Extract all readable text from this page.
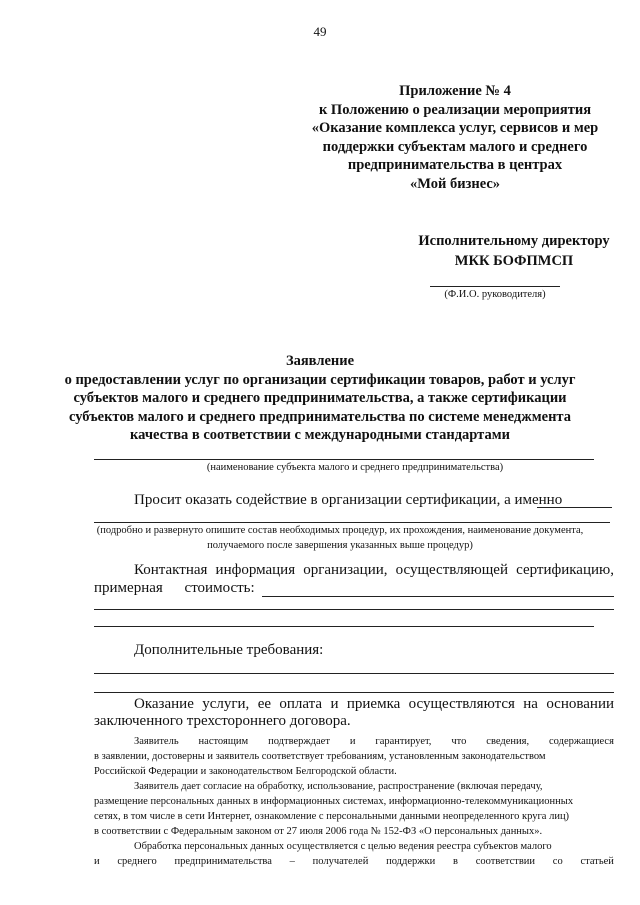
49
Приложение № 4
к Положению о реализации мероприятия
«Оказание комплекса услуг, сервисов и мер
поддержки субъектам малого и среднего
предпринимательства в центрах
«Мой бизнес»
Исполнительному директору
МКК БОФПМСП
(Ф.И.О. руководителя)
Заявление
о предоставлении услуг по организации сертификации товаров, работ и услуг
субъектов малого и среднего предпринимательства, а также сертификации
субъектов малого и среднего предпринимательства по системе менеджмента
качества в соответствии с международными стандартами
(наименование субъекта малого и среднего предпринимательства)
Просит оказать содействие в организации сертификации, а именно
(подробно и развернуто опишите состав необходимых процедур, их прохождения, наименование документа,
получаемого после завершения указанных выше процедур)
Контактная информация организации, осуществляющей сертификацию,
примерная стоимость:
Дополнительные требования:
Оказание услуги, ее оплата и приемка осуществляются на основании
заключенного трехстороннего договора.
Заявитель настоящим подтверждает и гарантирует, что сведения, содержащиеся
в заявлении, достоверны и заявитель соответствует требованиям, установленным законодательством
Российской Федерации и законодательством Белгородской области.
Заявитель дает согласие на обработку, использование, распространение (включая передачу,
размещение персональных данных в информационных системах, информационно-телекоммуникационных
сетях, в том числе в сети Интернет, ознакомление с персональными данными неопределенного круга лиц)
в соответствии с Федеральным законом от 27 июля 2006 года № 152-ФЗ «О персональных данных».
Обработка персональных данных осуществляется с целью ведения реестра субъектов малого
и среднего предпринимательства – получателей поддержки в соответствии со статьей
